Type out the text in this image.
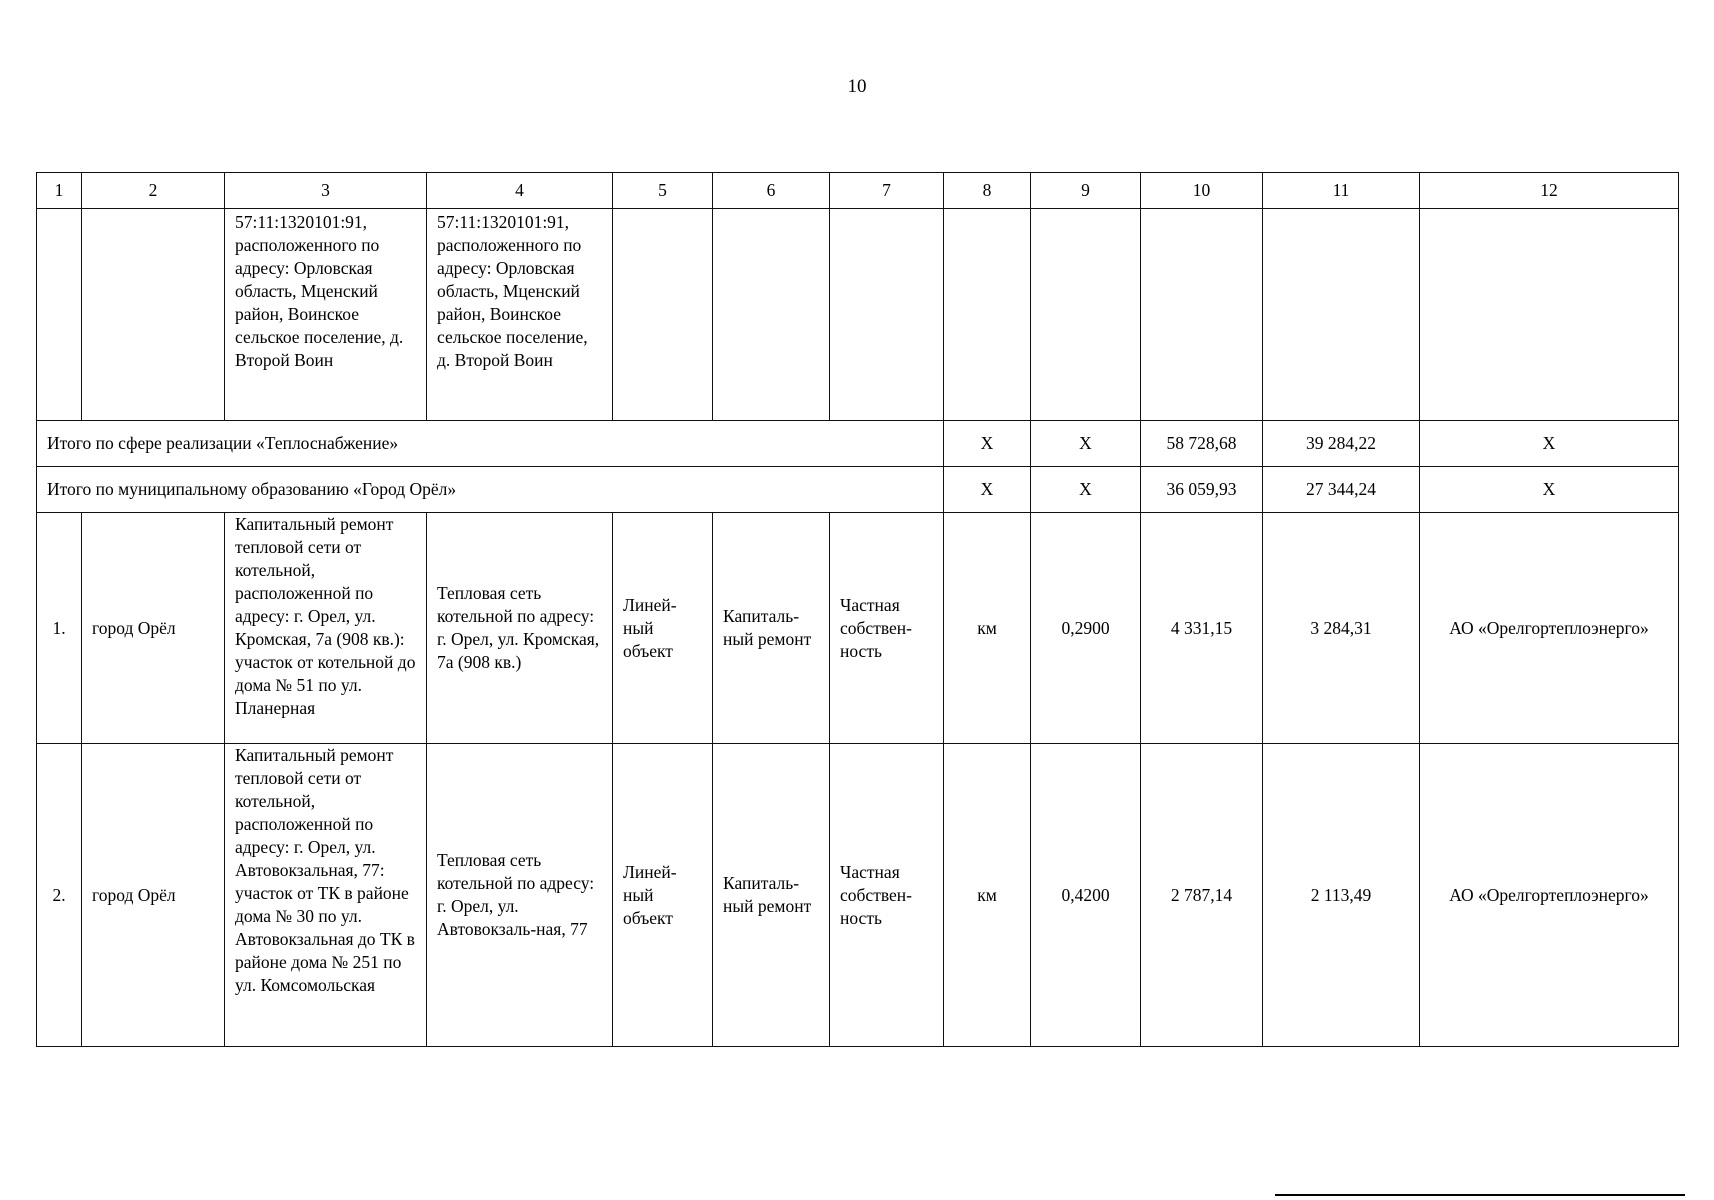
10
1	2	3	4	5	6	7	8	9	10	11	12
		57:11:1320101:91, расположенного по адресу: Орловская область, Мценский район, Воинское сельское поселение, д. Второй Воин	57:11:1320101:91, расположенного по адресу: Орловская область, Мценский район, Воинское сельское поселение, д. Второй Воин								
Итого по сфере реализации «Теплоснабжение»							X	X	58 728,68	39 284,22	X
Итого по муниципальному образованию «Город Орёл»							X	X	36 059,93	27 344,24	X
1.	город Орёл	Капитальный ремонт тепловой сети от котельной, расположенной по адресу: г. Орел, ул. Кромская, 7а (908 кв.): участок от котельной до дома № 51 по ул. Планерная	Тепловая сеть котельной по адресу: г. Орел, ул. Кромская, 7а (908 кв.)	Линей-ный объект	Капиталь-ный ремонт	Частная собствен-ность	км	0,2900	4 331,15	3 284,31	АО «Орелгортеплоэнерго»
2.	город Орёл	Капитальный ремонт тепловой сети от котельной, расположенной по адресу: г. Орел, ул. Автовокзальная, 77: участок от ТК в районе дома № 30 по ул. Автовокзальная до ТК в районе дома № 251 по ул. Комсомольская	Тепловая сеть котельной по адресу: г. Орел, ул. Автовокзаль-ная, 77	Линей-ный объект	Капиталь-ный ремонт	Частная собствен-ность	км	0,4200	2 787,14	2 113,49	АО «Орелгортеплоэнерго»
